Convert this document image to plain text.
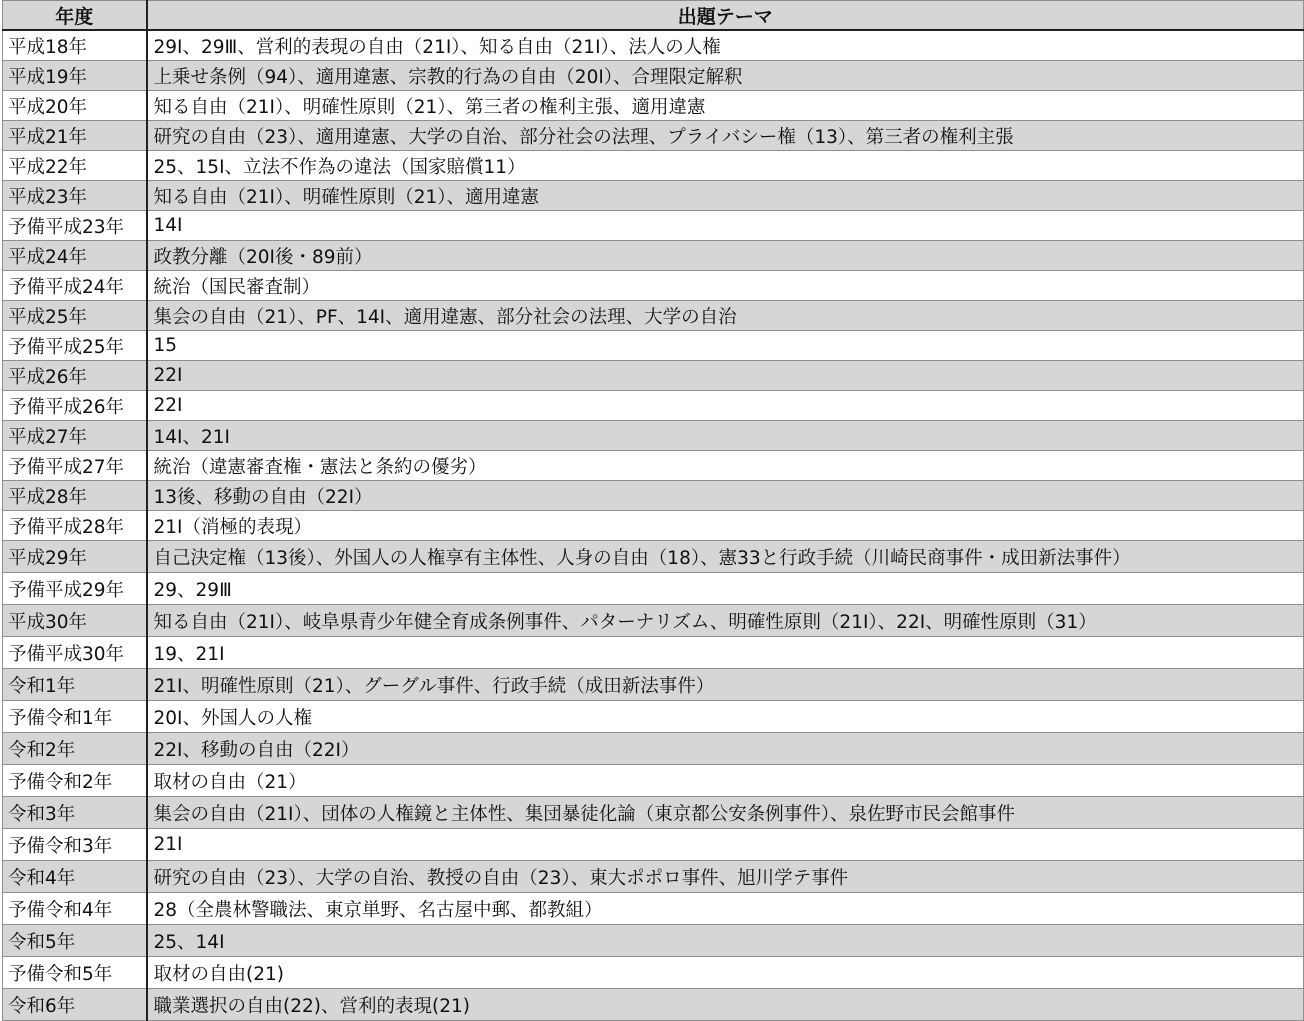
年度	出題テーマ
平成18年	29Ⅰ、29Ⅲ、営利的表現の自由（21Ⅰ）、知る自由（21Ⅰ）、法人の人権
平成19年	上乗せ条例（94）、適用違憲、宗教的行為の自由（20Ⅰ）、合理限定解釈
平成20年	知る自由（21Ⅰ）、明確性原則（21）、第三者の権利主張、適用違憲
平成21年	研究の自由（23）、適用違憲、大学の自治、部分社会の法理、プライバシー権（13）、第三者の権利主張
平成22年	25、15Ⅰ、立法不作為の違法（国家賠償11）
平成23年	知る自由（21Ⅰ）、明確性原則（21）、適用違憲
予備平成23年	14Ⅰ
平成24年	政教分離（20Ⅰ後・89前）
予備平成24年	統治（国民審査制）
平成25年	集会の自由（21）、PF、14Ⅰ、適用違憲、部分社会の法理、大学の自治
予備平成25年	15
平成26年	22Ⅰ
予備平成26年	22Ⅰ
平成27年	14Ⅰ、21Ⅰ
予備平成27年	統治（違憲審査権・憲法と条約の優劣）
平成28年	13後、移動の自由（22Ⅰ）
予備平成28年	21Ⅰ（消極的表現）
平成29年	自己決定権（13後）、外国人の人権享有主体性、人身の自由（18）、憲33と行政手続（川崎民商事件・成田新法事件）
予備平成29年	29、29Ⅲ
平成30年	知る自由（21Ⅰ）、岐阜県青少年健全育成条例事件、パターナリズム、明確性原則（21Ⅰ）、22Ⅰ、明確性原則（31）
予備平成30年	19、21Ⅰ
令和1年	21Ⅰ、明確性原則（21）、グーグル事件、行政手続（成田新法事件）
予備令和1年	20Ⅰ、外国人の人権
令和2年	22Ⅰ、移動の自由（22Ⅰ）
予備令和2年	取材の自由（21）
令和3年	集会の自由（21Ⅰ）、団体の人権鏡と主体性、集団暴徒化論（東京都公安条例事件）、泉佐野市民会館事件
予備令和3年	21Ⅰ
令和4年	研究の自由（23）、大学の自治、教授の自由（23）、東大ポポロ事件、旭川学テ事件
予備令和4年	28（全農林警職法、東京単野、名古屋中郵、都教組）
令和5年	25、14Ⅰ
予備令和5年	取材の自由(21)
令和6年	職業選択の自由(22)、営利的表現(21)
